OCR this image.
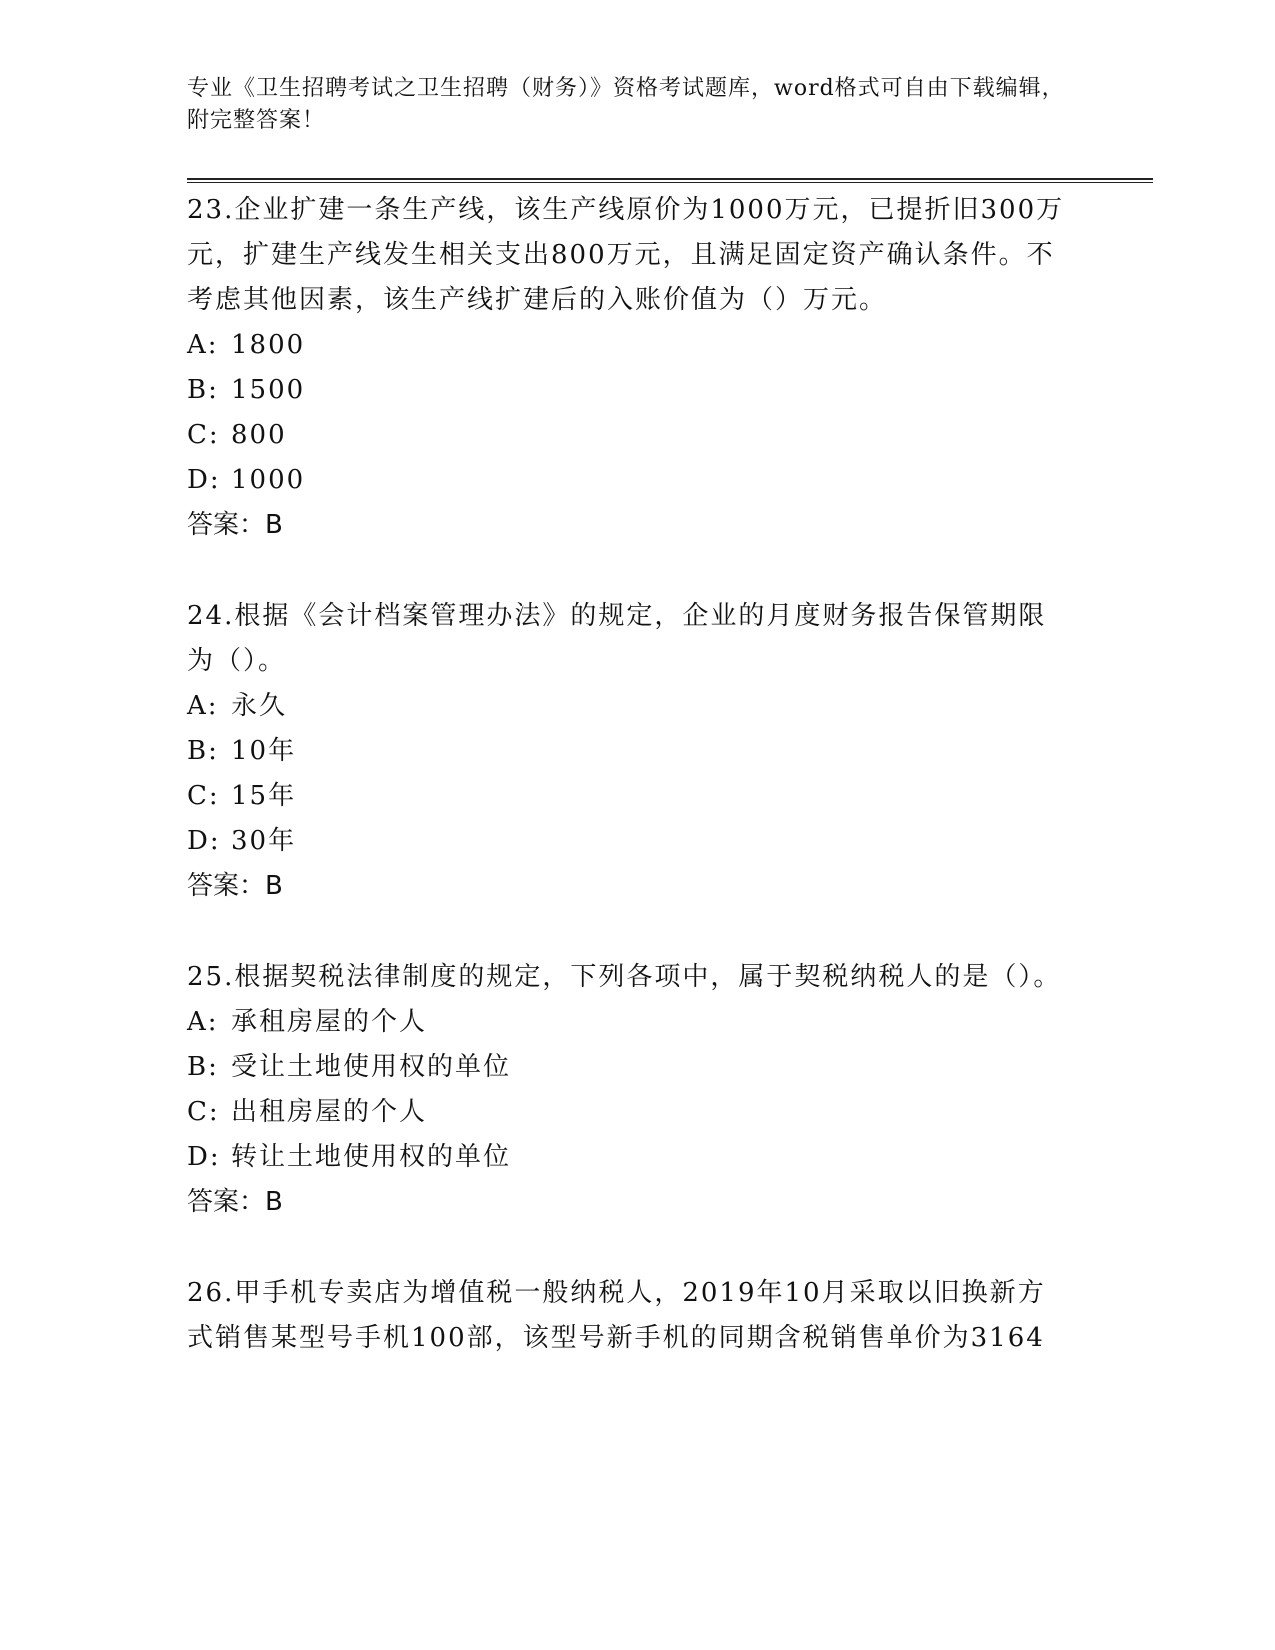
专业《卫生招聘考试之卫生招聘（财务）》资格考试题库，word格式可自由下载编辑，附完整答案！

23.企业扩建一条生产线，该生产线原价为1000万元，已提折旧300万元，扩建生产线发生相关支出800万元，且满足固定资产确认条件。不考虑其他因素，该生产线扩建后的入账价值为（）万元。

A: 1800

B: 1500

C: 800

D: 1000

答案：B

24.根据《会计档案管理办法》的规定，企业的月度财务报告保管期限为（）。

A: 永久

B: 10年

C: 15年

D: 30年

答案：B

25.根据契税法律制度的规定，下列各项中，属于契税纳税人的是（）。

A: 承租房屋的个人

B: 受让土地使用权的单位

C: 出租房屋的个人

D: 转让土地使用权的单位

答案：B

26.甲手机专卖店为增值税一般纳税人，2019年10月采取以旧换新方式销售某型号手机100部，该型号新手机的同期含税销售单价为3164
